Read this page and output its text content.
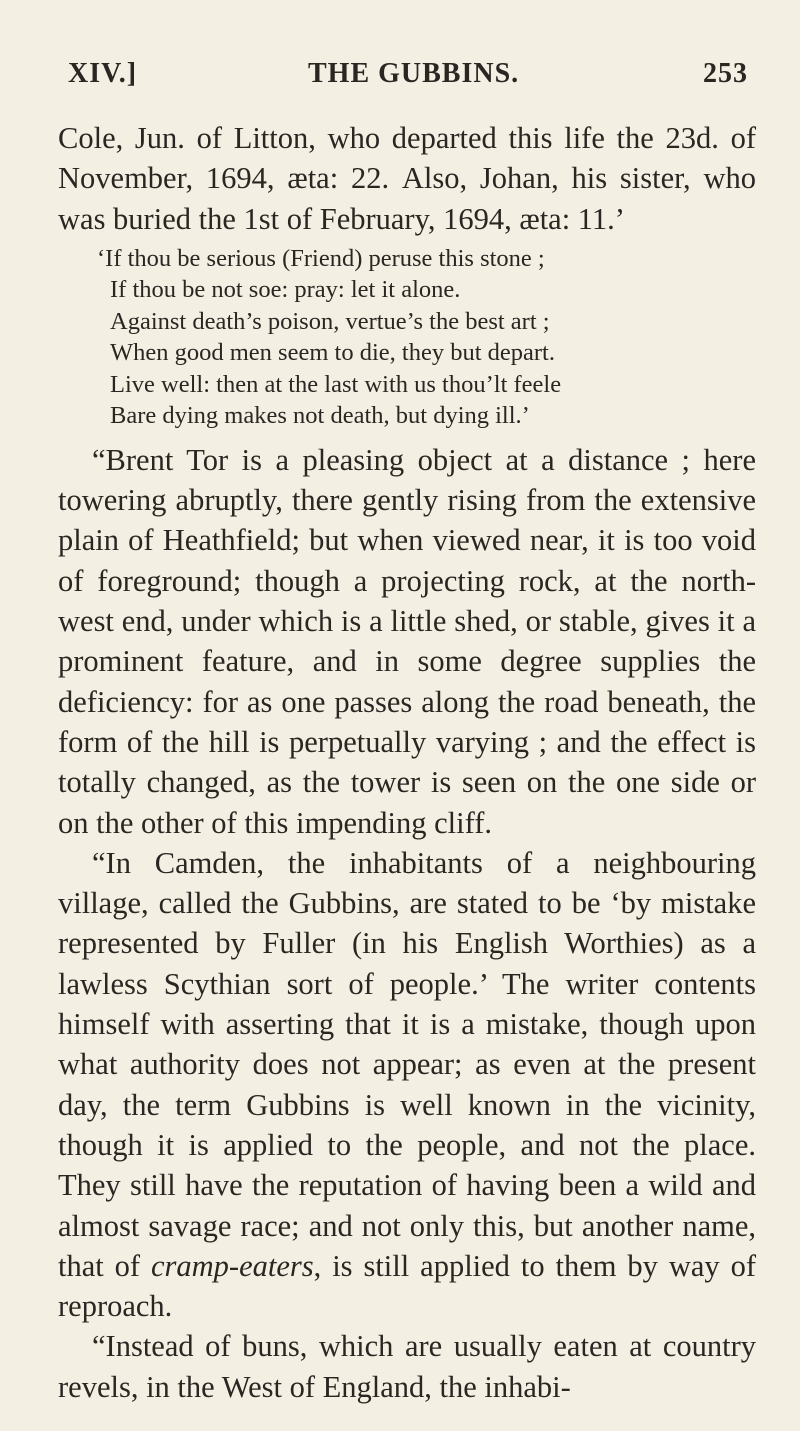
XIV.]	THE GUBBINS.	253

Cole, Jun. of Litton, who departed this life the 23d. of November, 1694, ætа: 22. Also, Johan, his sister, who was buried the 1st of February, 1694, æta: 11.’

‘If thou be serious (Friend) peruse this stone ;
If thou be not soe: pray: let it alone.
Against death’s poison, vertue’s the best art ;
When good men seem to die, they but depart.
Live well: then at the last with us thou’lt feele
Bare dying makes not death, but dying ill.’

“Brent Tor is a pleasing object at a distance ; here towering abruptly, there gently rising from the extensive plain of Heathfield; but when viewed near, it is too void of foreground; though a projecting rock, at the north-west end, under which is a little shed, or stable, gives it a prominent feature, and in some degree supplies the deficiency: for as one passes along the road beneath, the form of the hill is perpetually varying ; and the effect is totally changed, as the tower is seen on the one side or on the other of this impending cliff.

“In Camden, the inhabitants of a neighbouring village, called the Gubbins, are stated to be ‘by mistake represented by Fuller (in his English Worthies) as a lawless Scythian sort of people.’ The writer contents himself with asserting that it is a mistake, though upon what authority does not appear; as even at the present day, the term Gubbins is well known in the vicinity, though it is applied to the people, and not the place. They still have the reputation of having been a wild and almost savage race; and not only this, but another name, that of cramp-eaters, is still applied to them by way of reproach.

“Instead of buns, which are usually eaten at country revels, in the West of England, the inhabi-
